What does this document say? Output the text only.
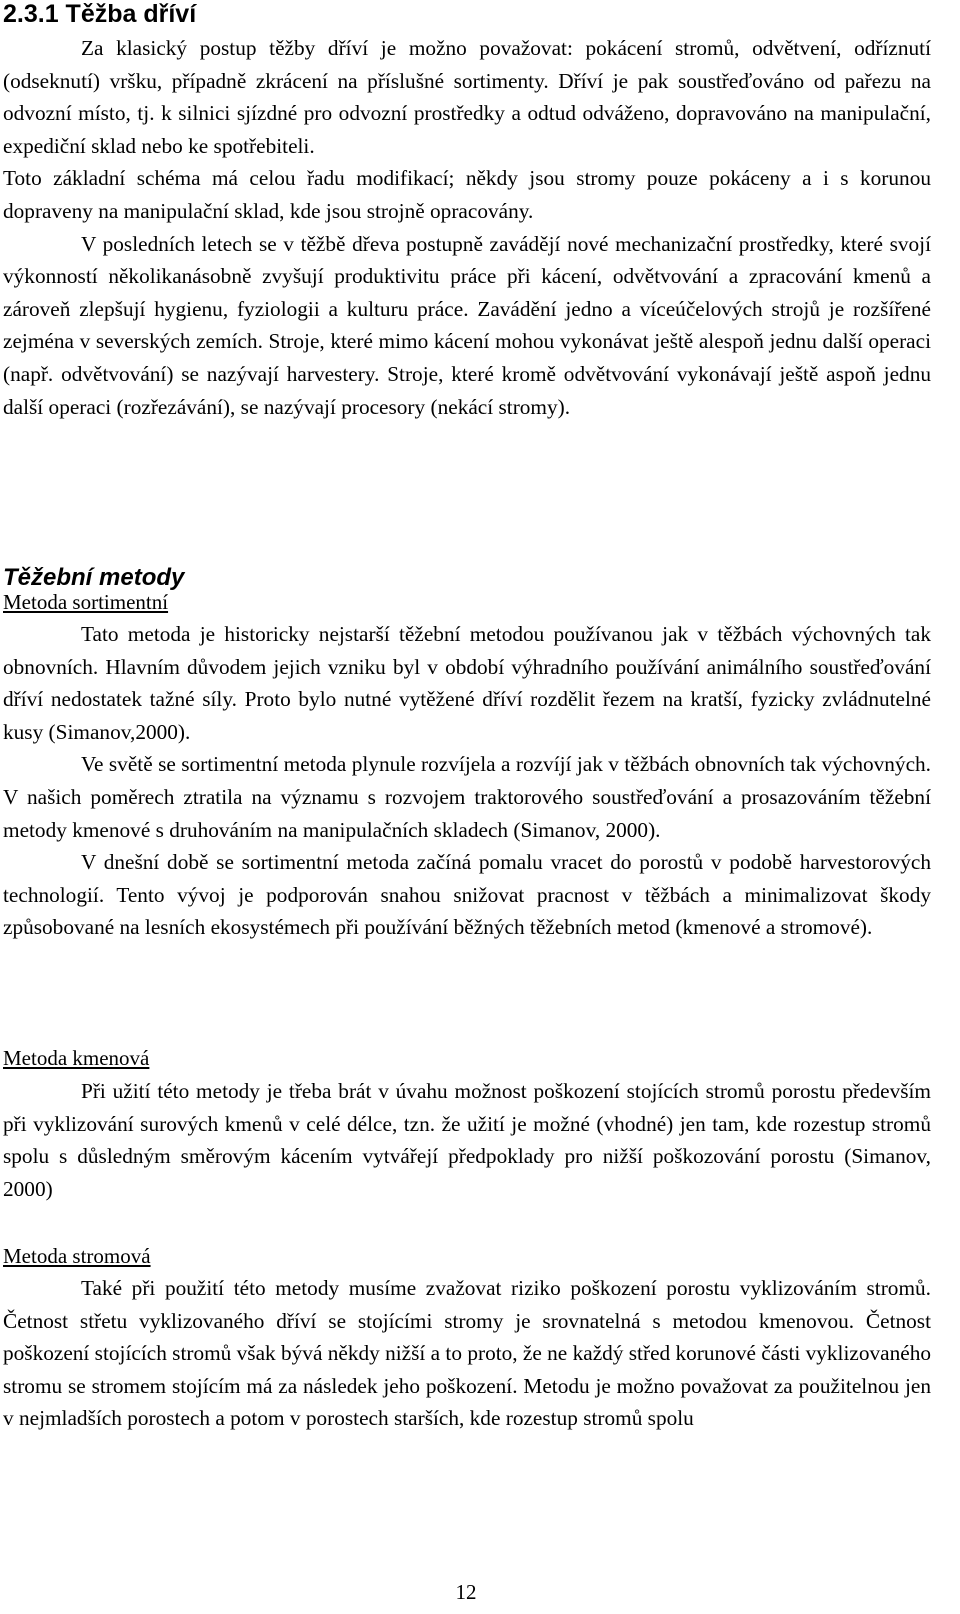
2.3.1 Těžba dříví

Za klasický postup těžby dříví je možno považovat: pokácení stromů, odvětvení, odříznutí (odseknutí) vršku, případně zkrácení na příslušné sortimenty. Dříví je pak soustřeďováno od pařezu na odvozní místo, tj. k silnici sjízdné pro odvozní prostředky a odtud odváženo, dopravováno na manipulační, expediční sklad nebo ke spotřebiteli.

Toto základní schéma má celou řadu modifikací; někdy jsou stromy pouze pokáceny a i s korunou dopraveny na manipulační sklad, kde jsou strojně opracovány.

V posledních letech se v těžbě dřeva postupně zavádějí nové mechanizační prostředky, které svojí výkonností několikanásobně zvyšují produktivitu práce při kácení, odvětvování a zpracování kmenů a zároveň zlepšují hygienu, fyziologii a kulturu práce. Zavádění jedno a víceúčelových strojů je rozšířené zejména v severských zemích. Stroje, které mimo kácení mohou vykonávat ještě alespoň jednu další operaci (např. odvětvování) se nazývají harvestery. Stroje, které kromě odvětvování vykonávají ještě aspoň jednu další operaci (rozřezávání), se nazývají procesory (nekácí stromy).

Těžební metody

Metoda sortimentní

Tato metoda je historicky nejstarší těžební metodou používanou jak v těžbách výchovných tak obnovních. Hlavním důvodem jejich vzniku byl v období výhradního používání animálního soustřeďování dříví nedostatek tažné síly. Proto bylo nutné vytěžené dříví rozdělit řezem na kratší, fyzicky zvládnutelné kusy (Simanov,2000).

Ve světě se sortimentní metoda plynule rozvíjela a rozvíjí jak v těžbách obnovních tak výchovných. V našich poměrech ztratila na významu s rozvojem traktorového soustřeďování a prosazováním těžební metody kmenové s druhováním na manipulačních skladech (Simanov, 2000).

V dnešní době se sortimentní metoda začíná pomalu vracet do porostů v podobě harvestorových technologií. Tento vývoj je podporován snahou snižovat pracnost v těžbách a minimalizovat škody způsobované na lesních ekosystémech při používání běžných těžebních metod (kmenové a stromové).

Metoda kmenová

Při užití této metody je třeba brát v úvahu možnost poškození stojících stromů porostu především při vyklizování surových kmenů v celé délce, tzn. že užití je možné (vhodné) jen tam, kde rozestup stromů spolu s důsledným směrovým kácením vytvářejí předpoklady pro nižší poškozování porostu (Simanov, 2000)

Metoda stromová

Také při použití této metody musíme zvažovat riziko poškození porostu vyklizováním stromů. Četnost střetu vyklizovaného dříví se stojícími stromy je srovnatelná s metodou kmenovou. Četnost poškození stojících stromů však bývá někdy nižší a to proto, že ne každý střed korunové části vyklizovaného stromu se stromem stojícím má za následek jeho poškození. Metodu je možno považovat za použitelnou jen v nejmladších porostech a potom v porostech starších, kde rozestup stromů spolu

12
